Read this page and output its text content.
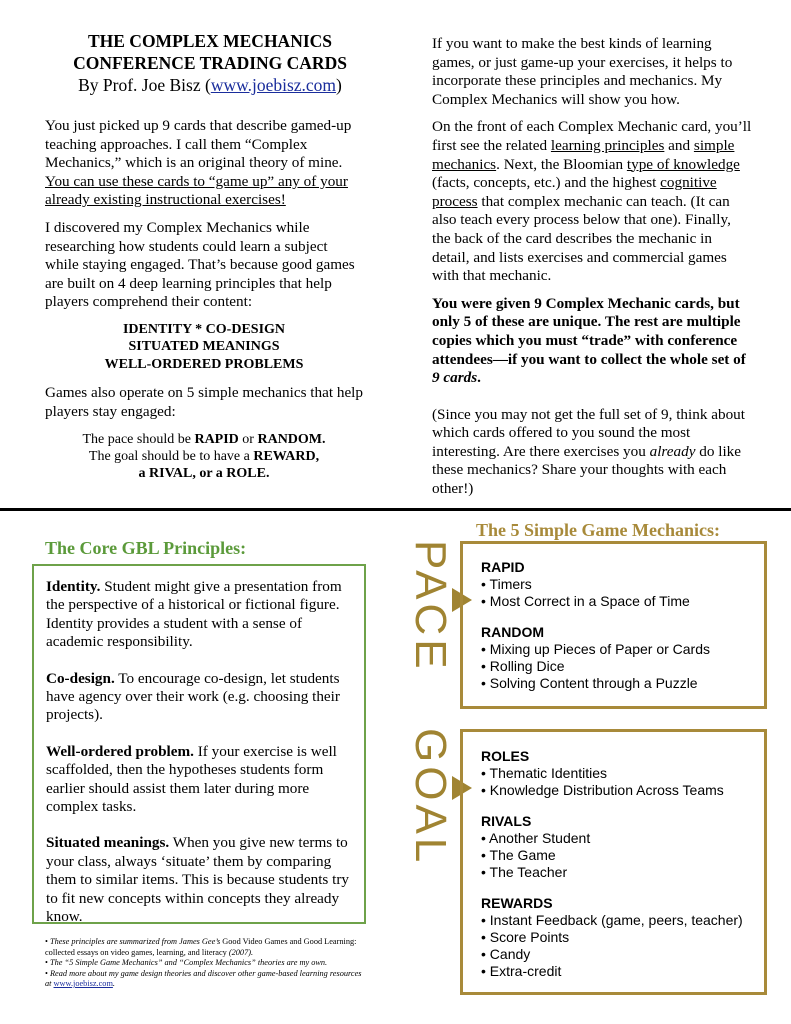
THE COMPLEX MECHANICS
CONFERENCE TRADING CARDS
By Prof. Joe Bisz (www.joebisz.com)

You just picked up 9 cards that describe gamed-up teaching approaches. I call them “Complex Mechanics,” which is an original theory of mine. You can use these cards to “game up” any of your already existing instructional exercises!

I discovered my Complex Mechanics while researching how students could learn a subject while staying engaged. That’s because good games are built on 4 deep learning principles that help players comprehend their content:

IDENTITY * CO-DESIGN
SITUATED MEANINGS
WELL-ORDERED PROBLEMS

Games also operate on 5 simple mechanics that help players stay engaged:

The pace should be RAPID or RANDOM.
The goal should be to have a REWARD,
a RIVAL, or a ROLE.

If you want to make the best kinds of learning games, or just game-up your exercises, it helps to incorporate these principles and mechanics. My Complex Mechanics will show you how.

On the front of each Complex Mechanic card, you’ll first see the related learning principles and simple mechanics. Next, the Bloomian type of knowledge (facts, concepts, etc.) and the highest cognitive process that complex mechanic can teach. (It can also teach every process below that one). Finally, the back of the card describes the mechanic in detail, and lists exercises and commercial games with that mechanic.

You were given 9 Complex Mechanic cards, but only 5 of these are unique. The rest are multiple copies which you must “trade” with conference attendees—if you want to collect the whole set of 9 cards.

(Since you may not get the full set of 9, think about which cards offered to you sound the most interesting. Are there exercises you already do like these mechanics? Share your thoughts with each other!)

The Core GBL Principles:

Identity. Student might give a presentation from the perspective of a historical or fictional figure. Identity provides a student with a sense of academic responsibility.

Co-design. To encourage co-design, let students have agency over their work (e.g. choosing their projects).

Well-ordered problem. If your exercise is well scaffolded, then the hypotheses students form earlier should assist them later during more complex tasks.

Situated meanings. When you give new terms to your class, always ‘situate’ them by comparing them to similar items. This is because students try to fit new concepts within concepts they already know.

• These principles are summarized from James Gee’s Good Video Games and Good Learning: collected essays on video games, learning, and literacy (2007).

• The “5 Simple Game Mechanics” and “Complex Mechanics” theories are my own.

• Read more about my game design theories and discover other game-based learning resources at www.joebisz.com.

The 5 Simple Game Mechanics:
PACE
GOAL
RAPID
• Timers
• Most Correct in a Space of Time
RANDOM
• Mixing up Pieces of Paper or Cards
• Rolling Dice
• Solving Content through a Puzzle
ROLES
• Thematic Identities
• Knowledge Distribution Across Teams
RIVALS
• Another Student
• The Game
• The Teacher
REWARDS
• Instant Feedback (game, peers, teacher)
• Score Points
• Candy
• Extra-credit
